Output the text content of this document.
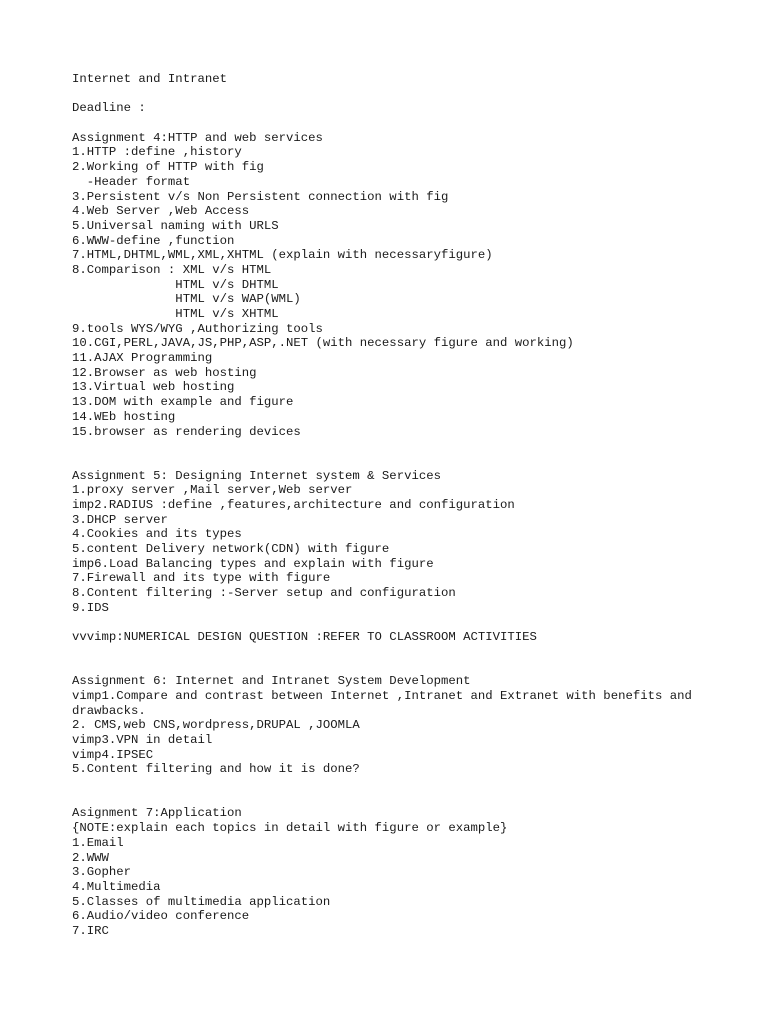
Internet and Intranet
Deadline :
Assignment 4:HTTP and web services
1.HTTP :define ,history
2.Working of HTTP with fig
-Header format
3.Persistent v/s Non Persistent connection with fig
4.Web Server ,Web Access
5.Universal naming with URLS
6.WWW-define ,function
7.HTML,DHTML,WML,XML,XHTML (explain with necessaryfigure)
8.Comparison : XML v/s HTML
HTML v/s DHTML
HTML v/s WAP(WML)
HTML v/s XHTML
9.tools WYS/WYG ,Authorizing tools
10.CGI,PERL,JAVA,JS,PHP,ASP,.NET (with necessary figure and working)
11.AJAX Programming
12.Browser as web hosting
13.Virtual web hosting
13.DOM with example and figure
14.WEb hosting
15.browser as rendering devices
Assignment 5: Designing Internet system & Services
1.proxy server ,Mail server,Web server
imp2.RADIUS :define ,features,architecture and configuration
3.DHCP server
4.Cookies and its types
5.content Delivery network(CDN) with figure
imp6.Load Balancing types and explain with figure
7.Firewall and its type with figure
8.Content filtering :-Server setup and configuration
9.IDS
vvvimp:NUMERICAL DESIGN QUESTION :REFER TO CLASSROOM ACTIVITIES
Assignment 6: Internet and Intranet System Development
vimp1.Compare and contrast between Internet ,Intranet and Extranet with benefits and drawbacks.
2. CMS,web CNS,wordpress,DRUPAL ,JOOMLA
vimp3.VPN in detail
vimp4.IPSEC
5.Content filtering and how it is done?
Asignment 7:Application
{NOTE:explain each topics in detail with figure or example}
1.Email
2.WWW
3.Gopher
4.Multimedia
5.Classes of multimedia application
6.Audio/video conference
7.IRC
